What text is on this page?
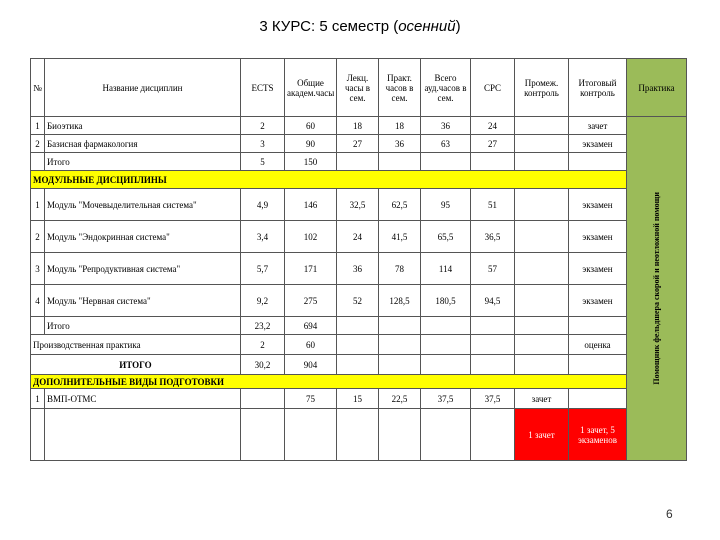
3 КУРС: 5 семестр (осенний)
№	Название дисциплин	ECTS	Общие академ.часы	Лекц. часы в сем.	Практ. часов в сем.	Всего ауд.часов в сем.	СРС	Промеж. контроль	Итоговый контроль	Практика
1	Биоэтика	2	60	18	18	36	24		зачет	Помощник фельдшера скорой и неотложной помощи

2	Базисная фармакология	3	90	27	36	63	27		экзамен	
	Итого	5	150							
МОДУЛЬНЫЕ ДИСЦИПЛИНЫ										
1	Модуль "Мочевыделительная система"	4,9	146	32,5	62,5	95	51		экзамен	
2	Модуль "Эндокринная система"	3,4	102	24	41,5	65,5	36,5		экзамен	
3	Модуль "Репродуктивная система"	5,7	171	36	78	114	57		экзамен	
4	Модуль "Нервная система"	9,2	275	52	128,5	180,5	94,5		экзамен	
	Итого	23,2	694							
Производственная практика		2	60						оценка	
ИТОГО		30,2	904							
ДОПОЛНИТЕЛЬНЫЕ ВИДЫ ПОДГОТОВКИ										
1	ВМП-ОТМС		75	15	22,5	37,5	37,5	зачет		
								1 зачет	1 зачет, 5 экзаменов	
6
